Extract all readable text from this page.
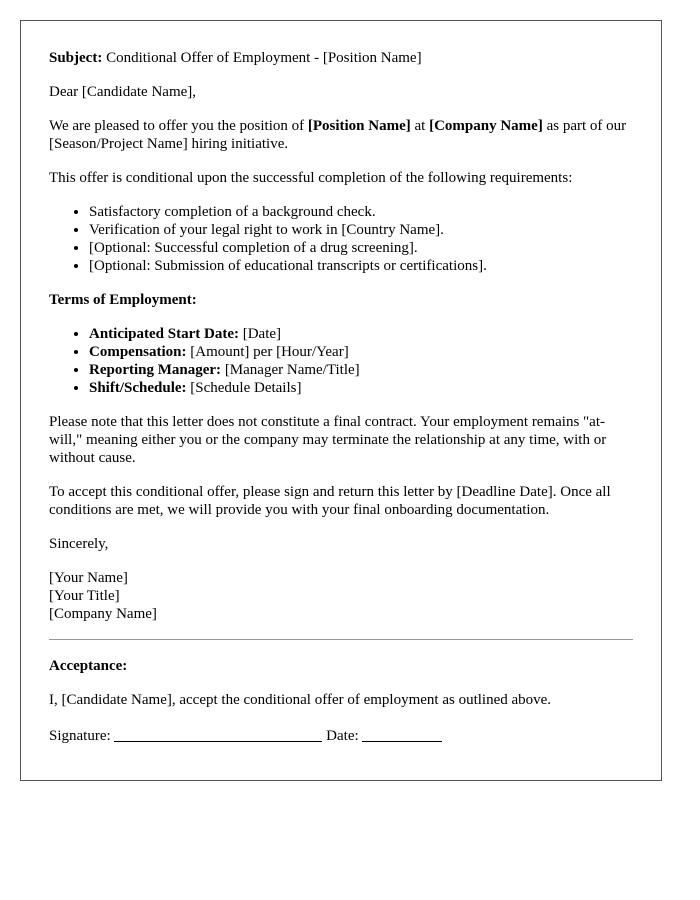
Subject: Conditional Offer of Employment - [Position Name]

Dear [Candidate Name],

We are pleased to offer you the position of [Position Name] at [Company Name] as part of our [Season/Project Name] hiring initiative.

This offer is conditional upon the successful completion of the following requirements:

• Satisfactory completion of a background check.
• Verification of your legal right to work in [Country Name].
• [Optional: Successful completion of a drug screening].
• [Optional: Submission of educational transcripts or certifications].

Terms of Employment:

• Anticipated Start Date: [Date]
• Compensation: [Amount] per [Hour/Year]
• Reporting Manager: [Manager Name/Title]
• Shift/Schedule: [Schedule Details]

Please note that this letter does not constitute a final contract. Your employment remains "at-will," meaning either you or the company may terminate the relationship at any time, with or without cause.

To accept this conditional offer, please sign and return this letter by [Deadline Date]. Once all conditions are met, we will provide you with your final onboarding documentation.

Sincerely,

[Your Name]
[Your Title]
[Company Name]

Acceptance:

I, [Candidate Name], accept the conditional offer of employment as outlined above.

Signature:	Date:
